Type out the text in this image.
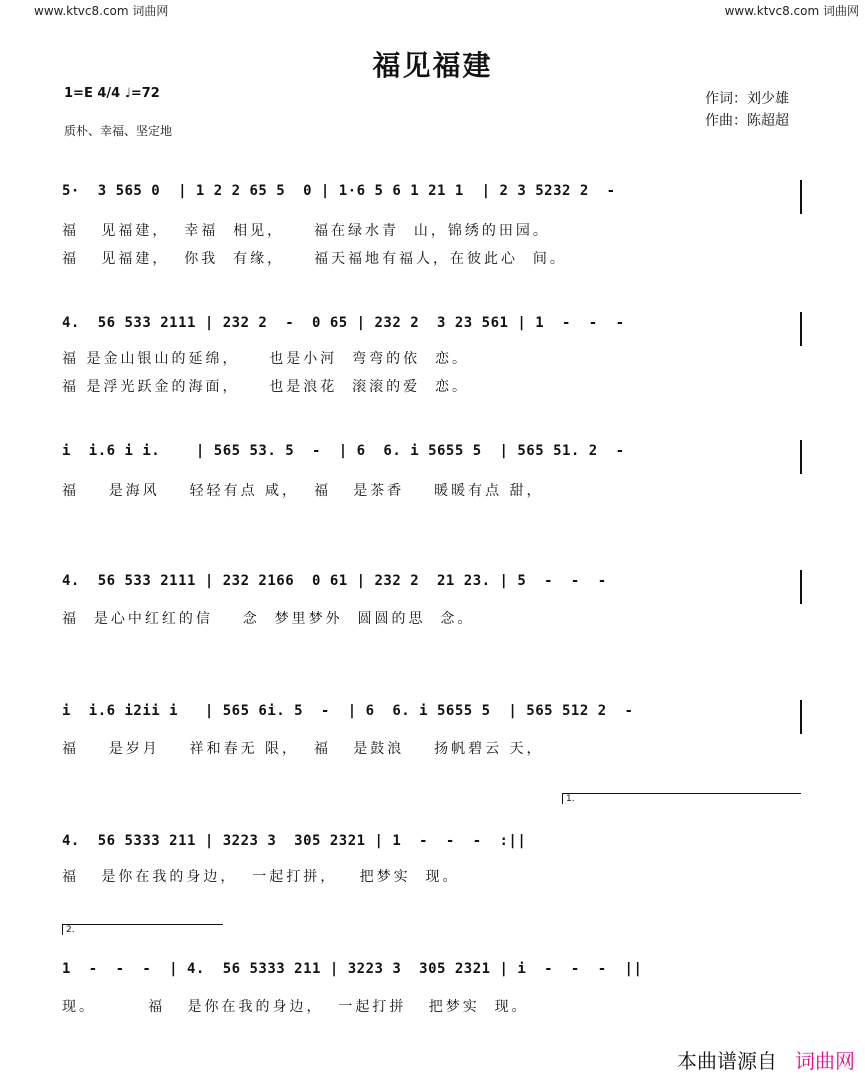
www.ktvc8.com 词曲网	www.ktvc8.com 词曲网
福见福建
1=E 4/4 ♩=72
质朴、幸福、坚定地
作词：刘少雄
作曲：陈超超
5·  3 565 0  | 1 2 2 65 5  0 | 1·6 5 6 1 21 1  | 2 3 5232 2  -
福   见福建，  幸福  相见，    福在绿水青  山，锦绣的田园。
福   见福建，  你我  有缘，    福天福地有福人，在彼此心  间。
4.  56 533 2111 | 232 2  -  0 65 | 232 2  3 23 561 | 1  -  -  -
福 是金山银山的延绵，    也是小河  弯弯的依  恋。
福 是浮光跃金的海面，    也是浪花  滚滚的爱  恋。
i  i.6 i i.    | 565 53. 5  -  | 6  6. i 5655 5  | 565 51. 2  -
福    是海风    轻轻有点 咸，  福   是茶香    暖暖有点 甜，
4.  56 533 2111 | 232 2166  0 61 | 232 2  21 23. | 5  -  -  -
福  是心中红红的信    念  梦里梦外  圆圆的思  念。
i  i.6 i2ii i   | 565 6i. 5  -  | 6  6. i 5655 5  | 565 512 2  -
福    是岁月    祥和春无 限，  福   是鼓浪    扬帆碧云 天，
1.
4.  56 5333 211 | 3223 3  305 2321 | 1  -  -  -  :||
福   是你在我的身边，  一起打拼，   把梦实  现。
2.
1  -  -  -  | 4.  56 5333 211 | 3223 3  305 2321 | i  -  -  -  ||
现。       福   是你在我的身边，  一起打拼   把梦实  现。
本曲谱源自 词曲网
